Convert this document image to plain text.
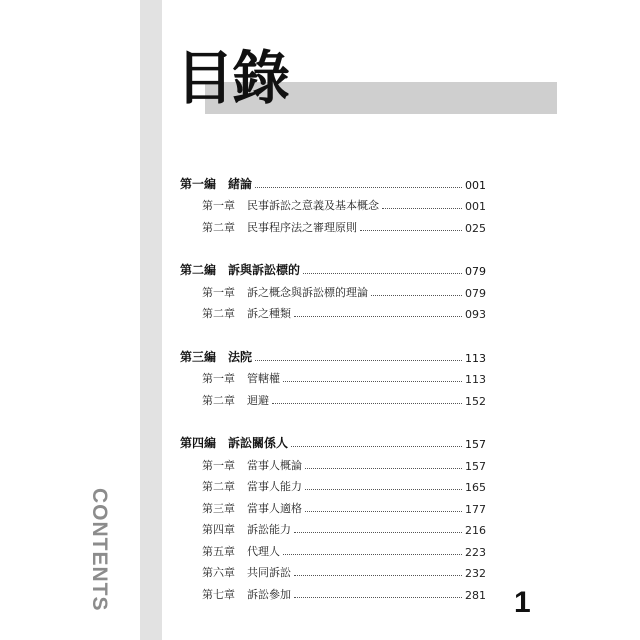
CONTENTS
目錄
第一編 緒論	001
第一章 民事訴訟之意義及基本概念	001
第二章 民事程序法之審理原則	025
第二編 訴與訴訟標的	079
第一章 訴之概念與訴訟標的理論	079
第二章 訴之種類	093
第三編 法院	113
第一章 管轄權	113
第二章 迴避	152
第四編 訴訟關係人	157
第一章 當事人概論	157
第二章 當事人能力	165
第三章 當事人適格	177
第四章 訴訟能力	216
第五章 代理人	223
第六章 共同訴訟	232
第七章 訴訟參加	281 1
